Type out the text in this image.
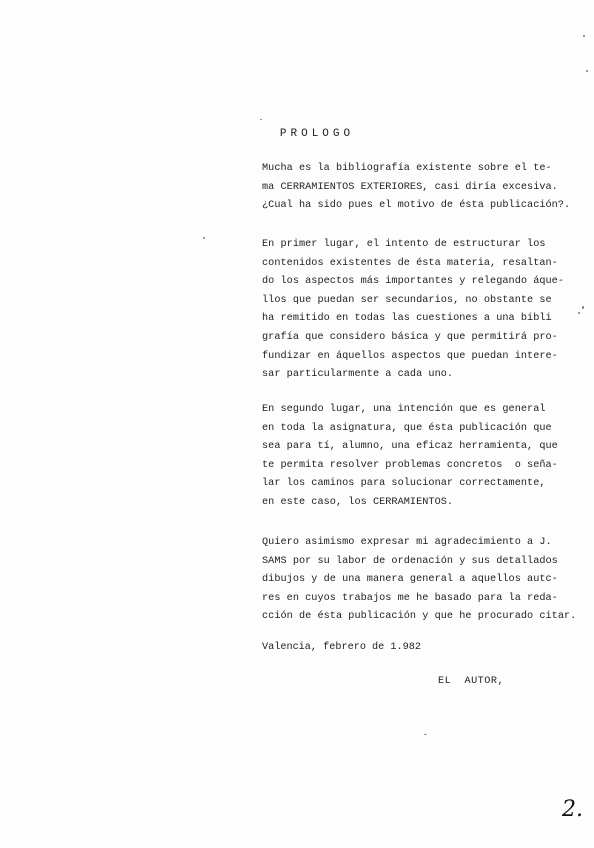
PROLOGO
Mucha es la bibliografía existente sobre el te-
ma CERRAMIENTOS EXTERIORES, casi diría excesiva.
¿Cual ha sido pues el motivo de ésta publicación?.
En primer lugar, el intento de estructurar los
contenidos existentes de ésta materia, resaltan-
do los aspectos más importantes y relegando áque-
llos que puedan ser secundarios, no obstante se
ha remitido en todas las cuestiones a una bibli
grafía que considero básica y que permitirá pro-
fundizar en áquellos aspectos que puedan intere-
sar particularmente a cada uno.
En segundo lugar, una intención que es general
en toda la asignatura, que ésta publicación que
sea para tí, alumno, una eficaz herramienta, que
te permita resolver problemas concretos  o seña-
lar los caminos para solucionar correctamente,
en este caso, los CERRAMIENTOS.
Quiero asimismo expresar mi agradecimiento a J.
SAMS por su labor de ordenación y sus detallados
dibujos y de una manera general a aquellos autc-
res en cuyos trabajos me he basado para la reda-
cción de ésta publicación y que he procurado citar.
Valencia, febrero de 1.982
EL  AUTOR,
2.
